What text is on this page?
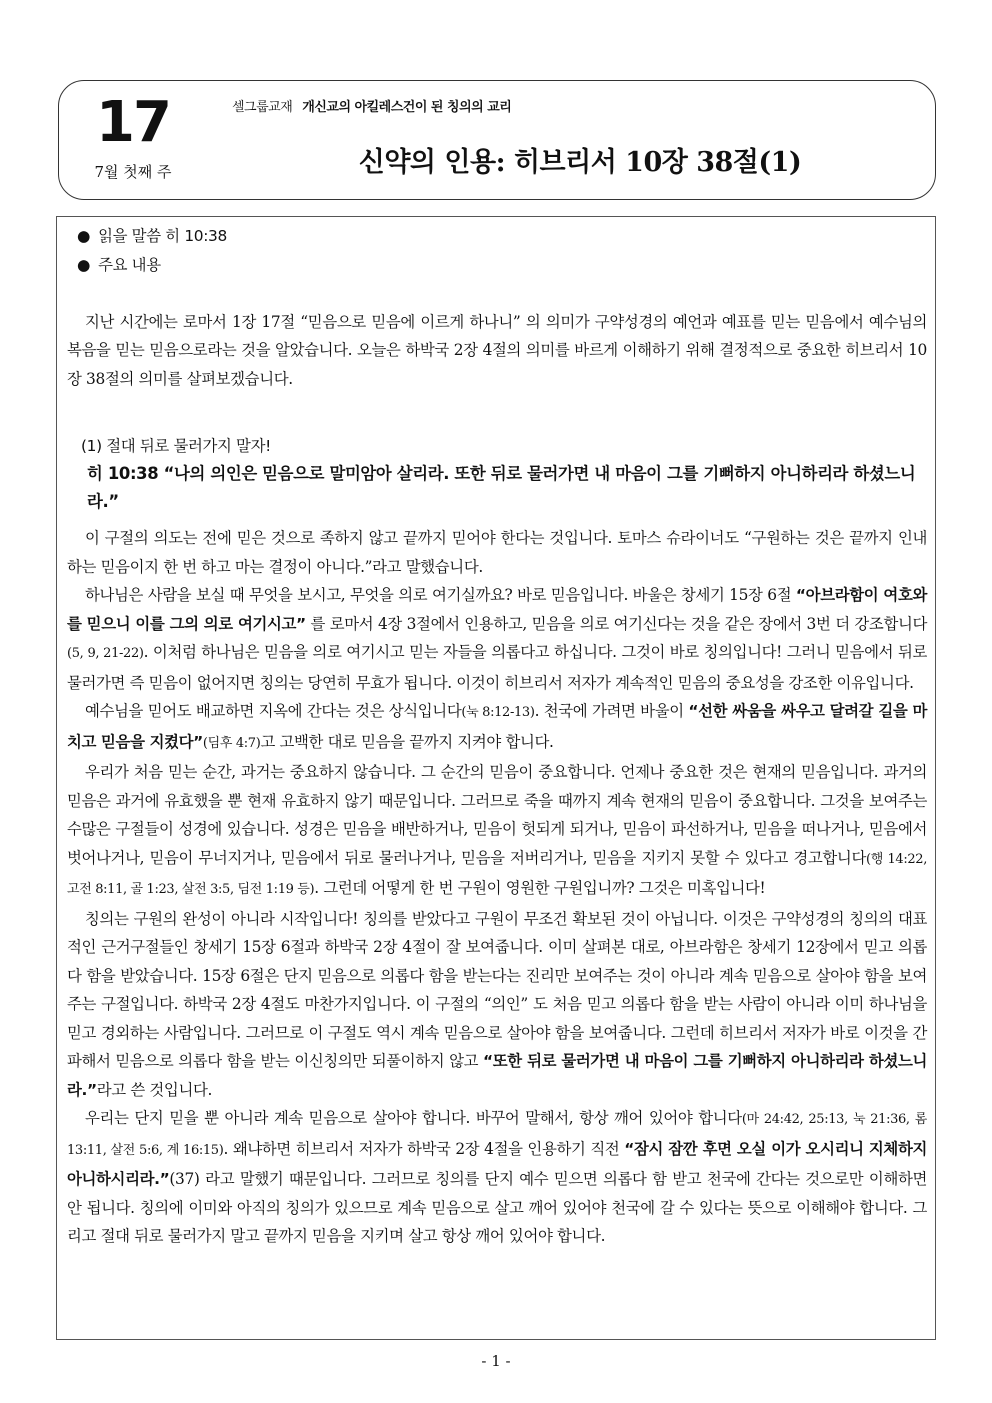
17
7월 첫째 주
셀그룹교재 개신교의 아킬레스건이 된 칭의의 교리
신약의 인용: 히브리서 10장 38절(1)
● 읽을 말씀 히 10:38
● 주요 내용

지난 시간에는 로마서 1장 17절 “믿음으로 믿음에 이르게 하나니” 의 의미가 구약성경의 예언과 예표를 믿는 믿음에서 예수님의 복음을 믿는 믿음으로라는 것을 알았습니다. 오늘은 하박국 2장 4절의 의미를 바르게 이해하기 위해 결정적으로 중요한 히브리서 10장 38절의 의미를 살펴보겠습니다.

(1) 절대 뒤로 물러가지 말자!
히 10:38 “나의 의인은 믿음으로 말미암아 살리라. 또한 뒤로 물러가면 내 마음이 그를 기뻐하지 아니하리라 하셨느니라.”

이 구절의 의도는 전에 믿은 것으로 족하지 않고 끝까지 믿어야 한다는 것입니다. 토마스 슈라이너도 “구원하는 것은 끝까지 인내하는 믿음이지 한 번 하고 마는 결정이 아니다.”라고 말했습니다.

하나님은 사람을 보실 때 무엇을 보시고, 무엇을 의로 여기실까요? 바로 믿음입니다. 바울은 창세기 15장 6절 “아브라함이 여호와를 믿으니 이를 그의 의로 여기시고” 를 로마서 4장 3절에서 인용하고, 믿음을 의로 여기신다는 것을 같은 장에서 3번 더 강조합니다(5, 9, 21-22). 이처럼 하나님은 믿음을 의로 여기시고 믿는 자들을 의롭다고 하십니다. 그것이 바로 칭의입니다! 그러니 믿음에서 뒤로 물러가면 즉 믿음이 없어지면 칭의는 당연히 무효가 됩니다. 이것이 히브리서 저자가 계속적인 믿음의 중요성을 강조한 이유입니다.

예수님을 믿어도 배교하면 지옥에 간다는 것은 상식입니다(눅 8:12-13). 천국에 가려면 바울이 “선한 싸움을 싸우고 달려갈 길을 마치고 믿음을 지켰다”(딤후 4:7)고 고백한 대로 믿음을 끝까지 지켜야 합니다.

우리가 처음 믿는 순간, 과거는 중요하지 않습니다. 그 순간의 믿음이 중요합니다. 언제나 중요한 것은 현재의 믿음입니다. 과거의 믿음은 과거에 유효했을 뿐 현재 유효하지 않기 때문입니다. 그러므로 죽을 때까지 계속 현재의 믿음이 중요합니다. 그것을 보여주는 수많은 구절들이 성경에 있습니다. 성경은 믿음을 배반하거나, 믿음이 헛되게 되거나, 믿음이 파선하거나, 믿음을 떠나거나, 믿음에서 벗어나거나, 믿음이 무너지거나, 믿음에서 뒤로 물러나거나, 믿음을 저버리거나, 믿음을 지키지 못할 수 있다고 경고합니다(행 14:22, 고전 8:11, 골 1:23, 살전 3:5, 딤전 1:19 등). 그런데 어떻게 한 번 구원이 영원한 구원입니까? 그것은 미혹입니다!

칭의는 구원의 완성이 아니라 시작입니다! 칭의를 받았다고 구원이 무조건 확보된 것이 아닙니다. 이것은 구약성경의 칭의의 대표적인 근거구절들인 창세기 15장 6절과 하박국 2장 4절이 잘 보여줍니다. 이미 살펴본 대로, 아브라함은 창세기 12장에서 믿고 의롭다 함을 받았습니다. 15장 6절은 단지 믿음으로 의롭다 함을 받는다는 진리만 보여주는 것이 아니라 계속 믿음으로 살아야 함을 보여주는 구절입니다. 하박국 2장 4절도 마찬가지입니다. 이 구절의 “의인” 도 처음 믿고 의롭다 함을 받는 사람이 아니라 이미 하나님을 믿고 경외하는 사람입니다. 그러므로 이 구절도 역시 계속 믿음으로 살아야 함을 보여줍니다. 그런데 히브리서 저자가 바로 이것을 간파해서 믿음으로 의롭다 함을 받는 이신칭의만 되풀이하지 않고 “또한 뒤로 물러가면 내 마음이 그를 기뻐하지 아니하리라 하셨느니라.”라고 쓴 것입니다.

우리는 단지 믿을 뿐 아니라 계속 믿음으로 살아야 합니다. 바꾸어 말해서, 항상 깨어 있어야 합니다(마 24:42, 25:13, 눅 21:36, 롬 13:11, 살전 5:6, 계 16:15). 왜냐하면 히브리서 저자가 하박국 2장 4절을 인용하기 직전 “잠시 잠깐 후면 오실 이가 오시리니 지체하지 아니하시리라.”(37) 라고 말했기 때문입니다. 그러므로 칭의를 단지 예수 믿으면 의롭다 함 받고 천국에 간다는 것으로만 이해하면 안 됩니다. 칭의에 이미와 아직의 칭의가 있으므로 계속 믿음으로 살고 깨어 있어야 천국에 갈 수 있다는 뜻으로 이해해야 합니다. 그리고 절대 뒤로 물러가지 말고 끝까지 믿음을 지키며 살고 항상 깨어 있어야 합니다.

- 1 -
